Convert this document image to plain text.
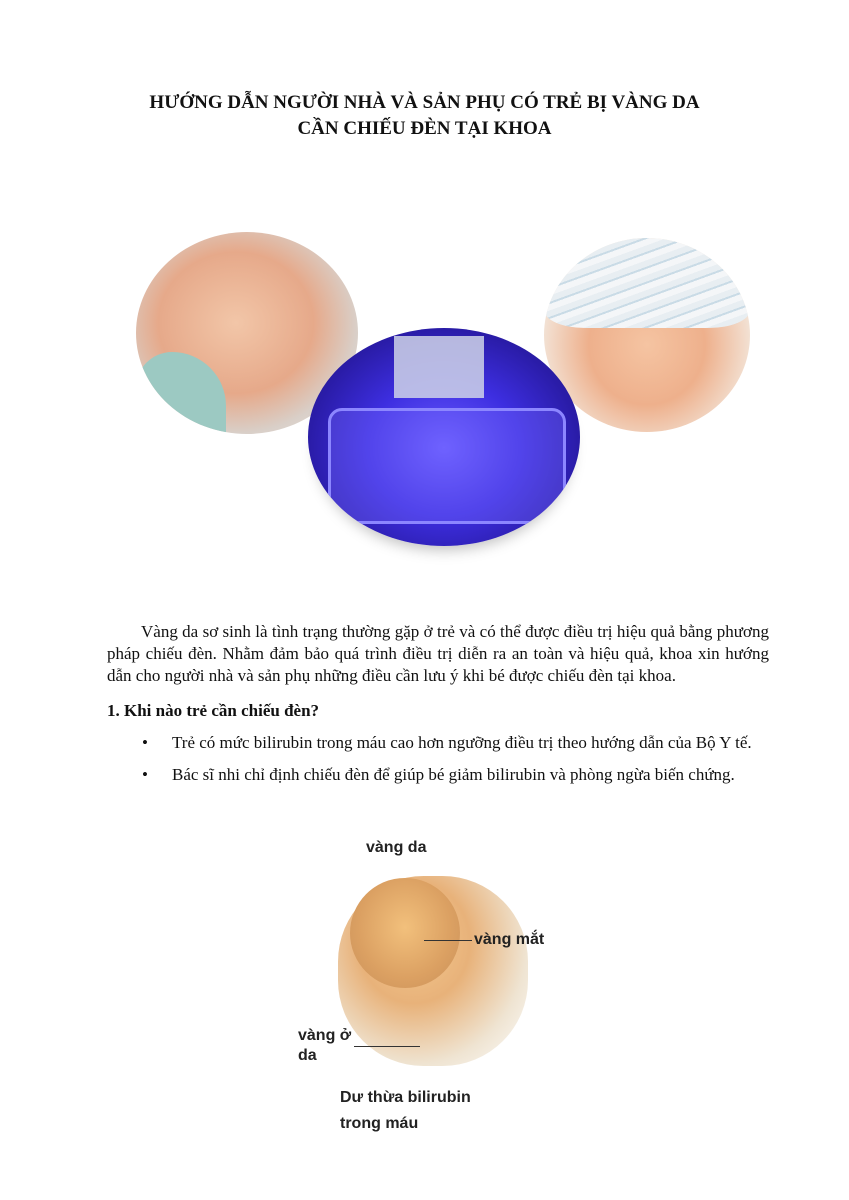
HƯỚNG DẪN NGƯỜI NHÀ VÀ SẢN PHỤ CÓ TRẺ BỊ VÀNG DA
CẦN CHIẾU ĐÈN TẠI KHOA

Vàng da sơ sinh là tình trạng thường gặp ở trẻ và có thể được điều trị hiệu quả bằng phương pháp chiếu đèn. Nhằm đảm bảo quá trình điều trị diễn ra an toàn và hiệu quả, khoa xin hướng dẫn cho người nhà và sản phụ những điều cần lưu ý khi bé được chiếu đèn tại khoa.

1. Khi nào trẻ cần chiếu đèn?
• Trẻ có mức bilirubin trong máu cao hơn ngưỡng điều trị theo hướng dẫn của Bộ Y tế.
• Bác sĩ nhi chỉ định chiếu đèn để giúp bé giảm bilirubin và phòng ngừa biến chứng.
vàng da
vàng mắt
vàng ở
da
Dư thừa bilirubin
trong máu
